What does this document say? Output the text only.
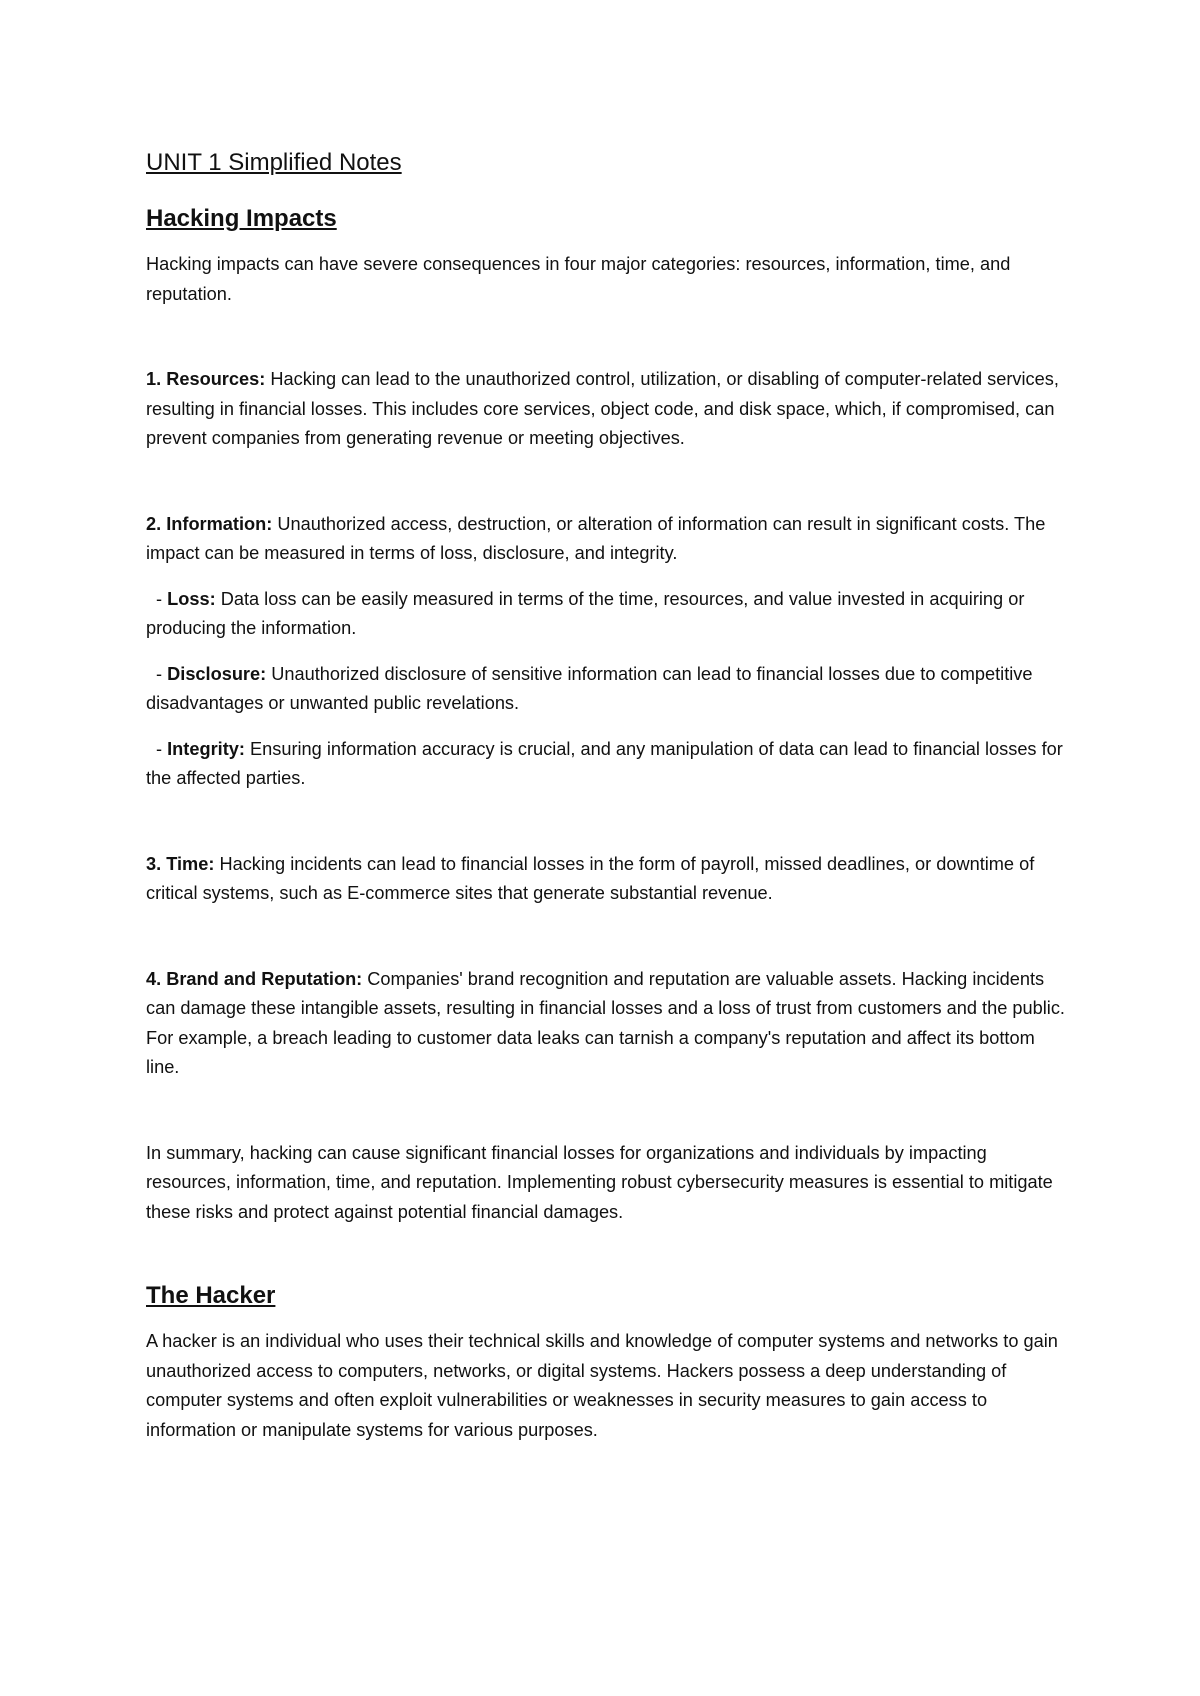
UNIT 1 Simplified Notes
Hacking Impacts

Hacking impacts can have severe consequences in four major categories: resources, information, time, and reputation.

1. Resources: Hacking can lead to the unauthorized control, utilization, or disabling of computer-related services, resulting in financial losses. This includes core services, object code, and disk space, which, if compromised, can prevent companies from generating revenue or meeting objectives.

2. Information: Unauthorized access, destruction, or alteration of information can result in significant costs. The impact can be measured in terms of loss, disclosure, and integrity.

- Loss: Data loss can be easily measured in terms of the time, resources, and value invested in acquiring or producing the information.

- Disclosure: Unauthorized disclosure of sensitive information can lead to financial losses due to competitive disadvantages or unwanted public revelations.

- Integrity: Ensuring information accuracy is crucial, and any manipulation of data can lead to financial losses for the affected parties.

3. Time: Hacking incidents can lead to financial losses in the form of payroll, missed deadlines, or downtime of critical systems, such as E-commerce sites that generate substantial revenue.

4. Brand and Reputation: Companies' brand recognition and reputation are valuable assets. Hacking incidents can damage these intangible assets, resulting in financial losses and a loss of trust from customers and the public. For example, a breach leading to customer data leaks can tarnish a company's reputation and affect its bottom line.

In summary, hacking can cause significant financial losses for organizations and individuals by impacting resources, information, time, and reputation. Implementing robust cybersecurity measures is essential to mitigate these risks and protect against potential financial damages.

The Hacker

A hacker is an individual who uses their technical skills and knowledge of computer systems and networks to gain unauthorized access to computers, networks, or digital systems. Hackers possess a deep understanding of computer systems and often exploit vulnerabilities or weaknesses in security measures to gain access to information or manipulate systems for various purposes.
